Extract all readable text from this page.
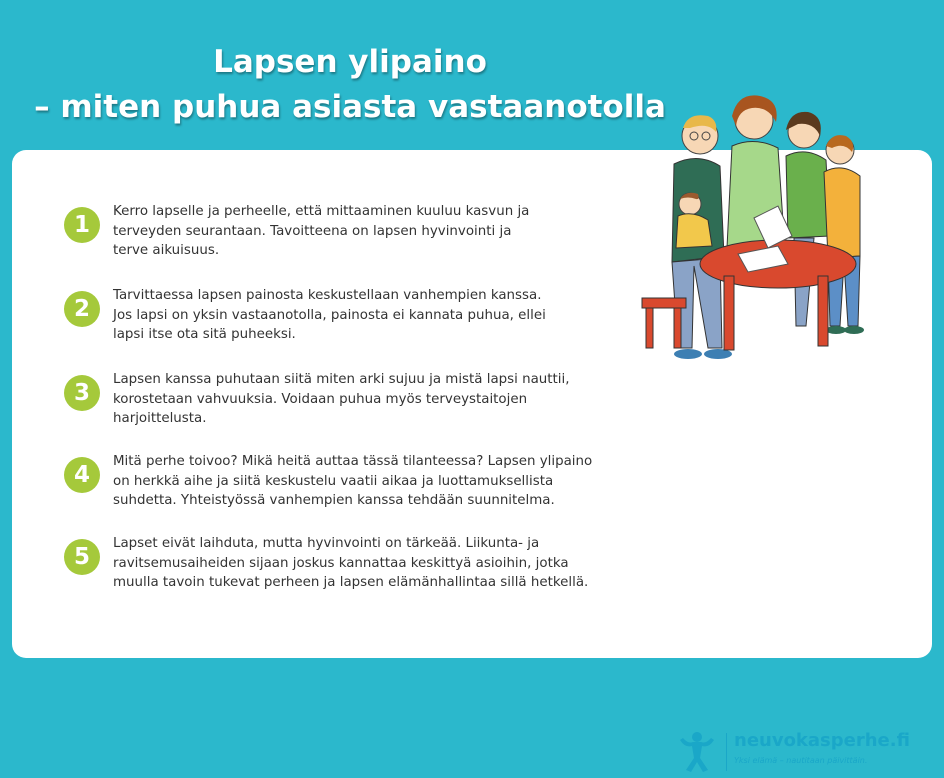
Lapsen ylipaino
– miten puhua asiasta vastaanotolla
1
Kerro lapselle ja perheelle, että mittaaminen kuuluu kasvun ja
terveyden seurantaan. Tavoitteena on lapsen hyvinvointi ja
terve aikuisuus.
2
Tarvittaessa lapsen painosta keskustellaan vanhempien kanssa.
Jos lapsi on yksin vastaanotolla, painosta ei kannata puhua, ellei
lapsi itse ota sitä puheeksi.
3
Lapsen kanssa puhutaan siitä miten arki sujuu ja mistä lapsi nauttii,
korostetaan vahvuuksia. Voidaan puhua myös terveystaitojen
harjoittelusta.
4
Mitä perhe toivoo? Mikä heitä auttaa tässä tilanteessa? Lapsen ylipaino
on herkkä aihe ja siitä keskustelu vaatii aikaa ja luottamuksellista
suhdetta. Yhteistyössä vanhempien kanssa tehdään suunnitelma.
5
Lapset eivät laihduta, mutta hyvinvointi on tärkeää. Liikunta- ja
ravitsemusaiheiden sijaan joskus kannattaa keskittyä asioihin, jotka
muulla tavoin tukevat perheen ja lapsen elämänhallintaa sillä hetkellä.
neuvokasperhe.fi
Yksi elämä – nautitaan päivittäin.
